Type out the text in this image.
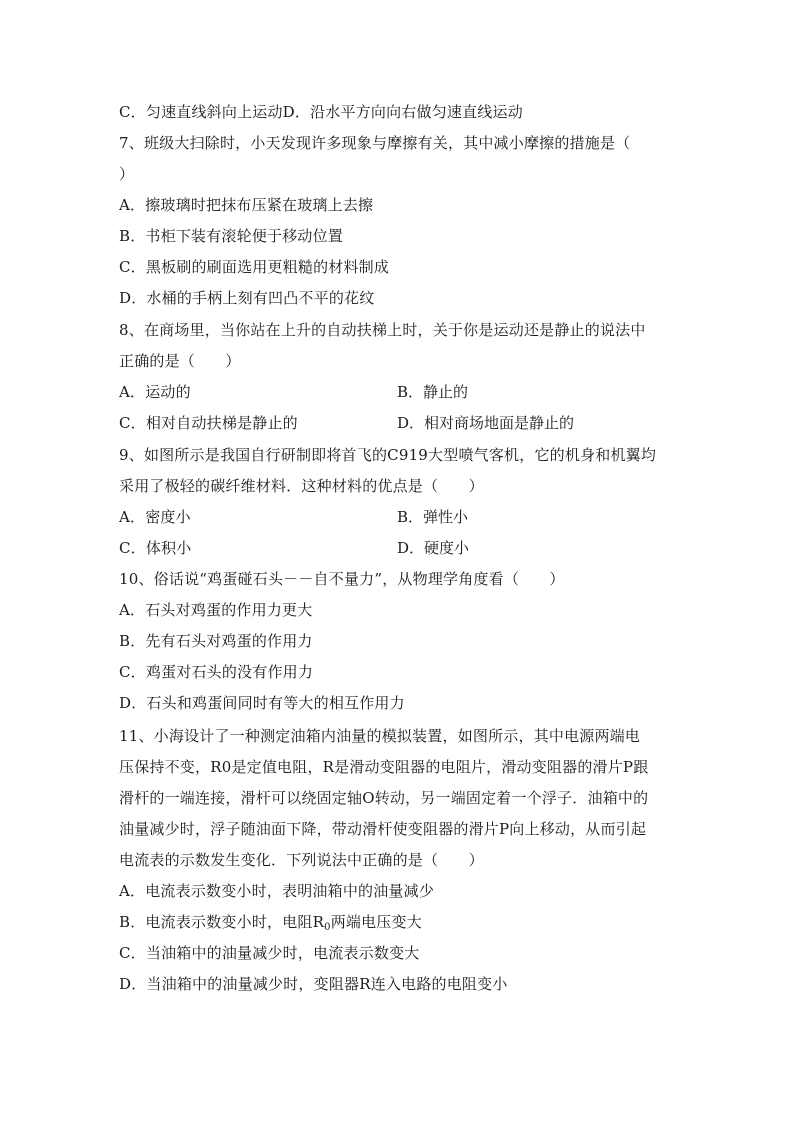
C．匀速直线斜向上运动D．沿水平方向向右做匀速直线运动
7、班级大扫除时，小天发现许多现象与摩擦有关，其中减小摩擦的措施是（
）
A．擦玻璃时把抹布压紧在玻璃上去擦
B．书柜下装有滚轮便于移动位置
C．黑板刷的刷面选用更粗糙的材料制成
D．水桶的手柄上刻有凹凸不平的花纹
8、在商场里，当你站在上升的自动扶梯上时，关于你是运动还是静止的说法中
正确的是（　　）
A．运动的	B．静止的
C．相对自动扶梯是静止的	D．相对商场地面是静止的
9、如图所示是我国自行研制即将首飞的C919大型喷气客机，它的机身和机翼均
采用了极轻的碳纤维材料．这种材料的优点是（　　）
A．密度小	B．弹性小
C．体积小	D．硬度小
10、俗话说“鸡蛋碰石头－－自不量力”，从物理学角度看（　　）
A．石头对鸡蛋的作用力更大
B．先有石头对鸡蛋的作用力
C．鸡蛋对石头的没有作用力
D．石头和鸡蛋间同时有等大的相互作用力
11、小海设计了一种测定油箱内油量的模拟装置，如图所示，其中电源两端电
压保持不变，R0是定值电阻，R是滑动变阻器的电阻片，滑动变阻器的滑片P跟
滑杆的一端连接，滑杆可以绕固定轴O转动，另一端固定着一个浮子．油箱中的
油量减少时，浮子随油面下降，带动滑杆使变阻器的滑片P向上移动，从而引起
电流表的示数发生变化．下列说法中正确的是（　　）
A．电流表示数变小时，表明油箱中的油量减少
B．电流表示数变小时，电阻$R_0$两端电压变大
C．当油箱中的油量减少时，电流表示数变大
D．当油箱中的油量减少时，变阻器R连入电路的电阻变小
